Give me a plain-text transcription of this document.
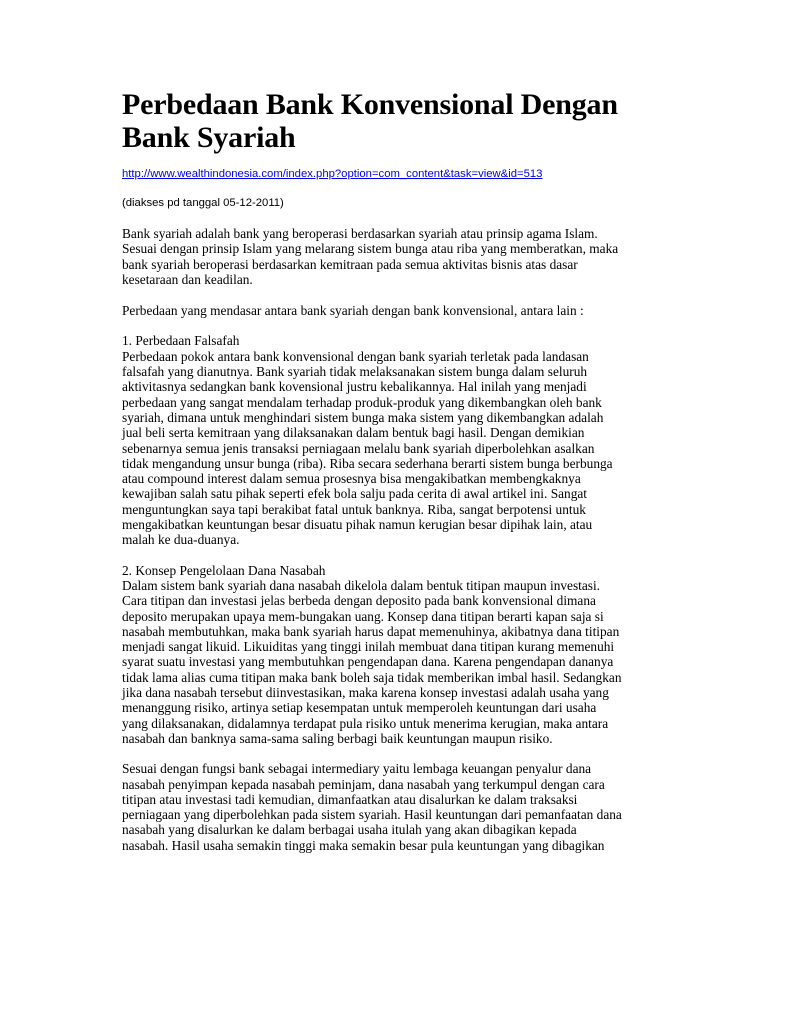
Perbedaan Bank Konvensional Dengan
Bank Syariah
http://www.wealthindonesia.com/index.php?option=com_content&task=view&id=513
(diakses pd tanggal 05-12-2011)

Bank syariah adalah bank yang beroperasi berdasarkan syariah atau prinsip agama Islam.
Sesuai dengan prinsip Islam yang melarang sistem bunga atau riba yang memberatkan, maka
bank syariah beroperasi berdasarkan kemitraan pada semua aktivitas bisnis atas dasar
kesetaraan dan keadilan.

Perbedaan yang mendasar antara bank syariah dengan bank konvensional, antara lain :

1. Perbedaan Falsafah
Perbedaan pokok antara bank konvensional dengan bank syariah terletak pada landasan
falsafah yang dianutnya. Bank syariah tidak melaksanakan sistem bunga dalam seluruh
aktivitasnya sedangkan bank kovensional justru kebalikannya. Hal inilah yang menjadi
perbedaan yang sangat mendalam terhadap produk-produk yang dikembangkan oleh bank
syariah, dimana untuk menghindari sistem bunga maka sistem yang dikembangkan adalah
jual beli serta kemitraan yang dilaksanakan dalam bentuk bagi hasil. Dengan demikian
sebenarnya semua jenis transaksi perniagaan melalu bank syariah diperbolehkan asalkan
tidak mengandung unsur bunga (riba). Riba secara sederhana berarti sistem bunga berbunga
atau compound interest dalam semua prosesnya bisa mengakibatkan membengkaknya
kewajiban salah satu pihak seperti efek bola salju pada cerita di awal artikel ini. Sangat
menguntungkan saya tapi berakibat fatal untuk banknya. Riba, sangat berpotensi untuk
mengakibatkan keuntungan besar disuatu pihak namun kerugian besar dipihak lain, atau
malah ke dua-duanya.

2. Konsep Pengelolaan Dana Nasabah
Dalam sistem bank syariah dana nasabah dikelola dalam bentuk titipan maupun investasi.
Cara titipan dan investasi jelas berbeda dengan deposito pada bank konvensional dimana
deposito merupakan upaya mem-bungakan uang. Konsep dana titipan berarti kapan saja si
nasabah membutuhkan, maka bank syariah harus dapat memenuhinya, akibatnya dana titipan
menjadi sangat likuid. Likuiditas yang tinggi inilah membuat dana titipan kurang memenuhi
syarat suatu investasi yang membutuhkan pengendapan dana. Karena pengendapan dananya
tidak lama alias cuma titipan maka bank boleh saja tidak memberikan imbal hasil. Sedangkan
jika dana nasabah tersebut diinvestasikan, maka karena konsep investasi adalah usaha yang
menanggung risiko, artinya setiap kesempatan untuk memperoleh keuntungan dari usaha
yang dilaksanakan, didalamnya terdapat pula risiko untuk menerima kerugian, maka antara
nasabah dan banknya sama-sama saling berbagi baik keuntungan maupun risiko.

Sesuai dengan fungsi bank sebagai intermediary yaitu lembaga keuangan penyalur dana
nasabah penyimpan kepada nasabah peminjam, dana nasabah yang terkumpul dengan cara
titipan atau investasi tadi kemudian, dimanfaatkan atau disalurkan ke dalam traksaksi
perniagaan yang diperbolehkan pada sistem syariah. Hasil keuntungan dari pemanfaatan dana
nasabah yang disalurkan ke dalam berbagai usaha itulah yang akan dibagikan kepada
nasabah. Hasil usaha semakin tinggi maka semakin besar pula keuntungan yang dibagikan
